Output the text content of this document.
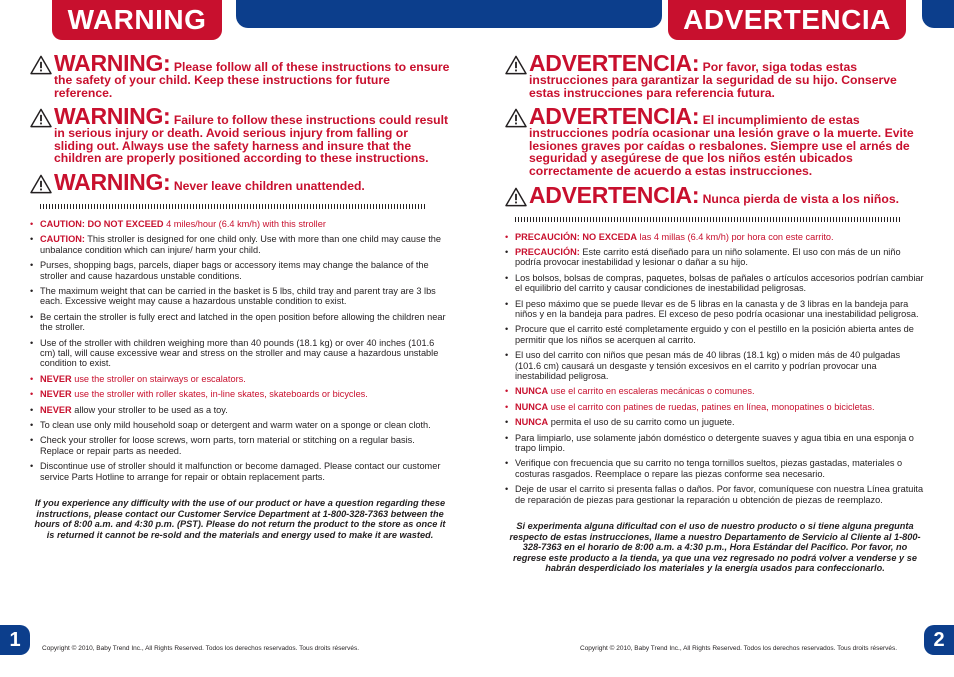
WARNING	ADVERTENCIA
WARNING: Please follow all of these instructions to ensure the safety of your child. Keep these instructions for future reference.
WARNING: Failure to follow these instructions could result in serious injury or death. Avoid serious injury from falling or sliding out. Always use the safety harness and insure that the children are properly positioned according to these instructions.
WARNING: Never leave children unattended.
• CAUTION: DO NOT EXCEED 4 miles/hour (6.4 km/h) with this stroller
• CAUTION: This stroller is designed for one child only. Use with more than one child may cause the unbalance condition which can injure/ harm your child.
• Purses, shopping bags, parcels, diaper bags or accessory items may change the balance of the stroller and cause hazardous unstable conditions.
• The maximum weight that can be carried in the basket is 5 lbs, child tray and parent tray are 3 lbs each. Excessive weight may cause a hazardous unstable condition to exist.
• Be certain the stroller is fully erect and latched in the open position before allowing the children near the stroller.
• Use of the stroller with children weighing more than 40 pounds (18.1 kg) or over 40 inches (101.6 cm) tall, will cause excessive wear and stress on the stroller and may cause a hazardous unstable condition to exist.
• NEVER use the stroller on stairways or escalators.
• NEVER use the stroller with roller skates, in-line skates, skateboards or bicycles.
• NEVER allow your stroller to be used as a toy.
• To clean use only mild household soap or detergent and warm water on a sponge or clean cloth.
• Check your stroller for loose screws, worn parts, torn material or stitching on a regular basis. Replace or repair parts as needed.
• Discontinue use of stroller should it malfunction or become damaged. Please contact our customer service Parts Hotline to arrange for repair or obtain replacement parts.

If you experience any difficulty with the use of our product or have a question regarding these instructions, please contact our Customer Service Department at 1-800-328-7363 between the hours of 8:00 a.m. and 4:30 p.m. (PST). Please do not return the product to the store as once it is returned it cannot be re-sold and the materials and energy used to make it are wasted.

ADVERTENCIA: Por favor, siga todas estas instrucciones para garantizar la seguridad de su hijo. Conserve estas instrucciones para referencia futura.
ADVERTENCIA: El incumplimiento de estas instrucciones podría ocasionar una lesión grave o la muerte. Evite lesiones graves por caídas o resbalones. Siempre use el arnés de seguridad y asegúrese de que los niños estén ubicados correctamente de acuerdo a estas instrucciones.
ADVERTENCIA: Nunca pierda de vista a los niños.
• PRECAUCIÓN: NO EXCEDA las 4 millas (6.4 km/h) por hora con este carrito.
• PRECAUCIÓN: Este carrito está diseñado para un niño solamente. El uso con más de un niño podría provocar inestabilidad y lesionar o dañar a su hijo.
• Los bolsos, bolsas de compras, paquetes, bolsas de pañales o artículos accesorios podrían cambiar el equilibrio del carrito y causar condiciones de inestabilidad peligrosas.
• El peso máximo que se puede llevar es de 5 libras en la canasta y de 3 libras en la bandeja para niños y en la bandeja para padres. El exceso de peso podría ocasionar una inestabilidad peligrosa.
• Procure que el carrito esté completamente erguido y con el pestillo en la posición abierta antes de permitir que los niños se acerquen al carrito.
• El uso del carrito con niños que pesan más de 40 libras (18.1 kg) o miden más de 40 pulgadas (101.6 cm) causará un desgaste y tensión excesivos en el carrito y podrían provocar una inestabilidad peligrosa.
• NUNCA use el carrito en escaleras mecánicas o comunes.
• NUNCA use el carrito con patines de ruedas, patines en línea, monopatines o bicicletas.
• NUNCA permita el uso de su carrito como un juguete.
• Para limpiarlo, use solamente jabón doméstico o detergente suaves y agua tibia en una esponja o trapo limpio.
• Verifique con frecuencia que su carrito no tenga tornillos sueltos, piezas gastadas, materiales o costuras rasgados. Reemplace o repare las piezas conforme sea necesario.
• Deje de usar el carrito si presenta fallas o daños. Por favor, comuníquese con nuestra Línea gratuita de reparación de piezas para gestionar la reparación u obtención de piezas de reemplazo.

Si experimenta alguna dificultad con el uso de nuestro producto o si tiene alguna pregunta respecto de estas instrucciones, llame a nuestro Departamento de Servicio al Cliente al 1-800-328-7363 en el horario de 8:00 a.m. a 4:30 p.m., Hora Estándar del Pacífico. Por favor, no regrese este producto a la tienda, ya que una vez regresado no podrá volver a venderse y se habrán desperdiciado los materiales y la energía usados para confeccionarlo.

1	Copyright © 2010, Baby Trend Inc., All Rights Reserved. Todos los derechos reservados. Tous droits réservés.	Copyright © 2010, Baby Trend Inc., All Rights Reserved. Todos los derechos reservados. Tous droits réservés. 2
